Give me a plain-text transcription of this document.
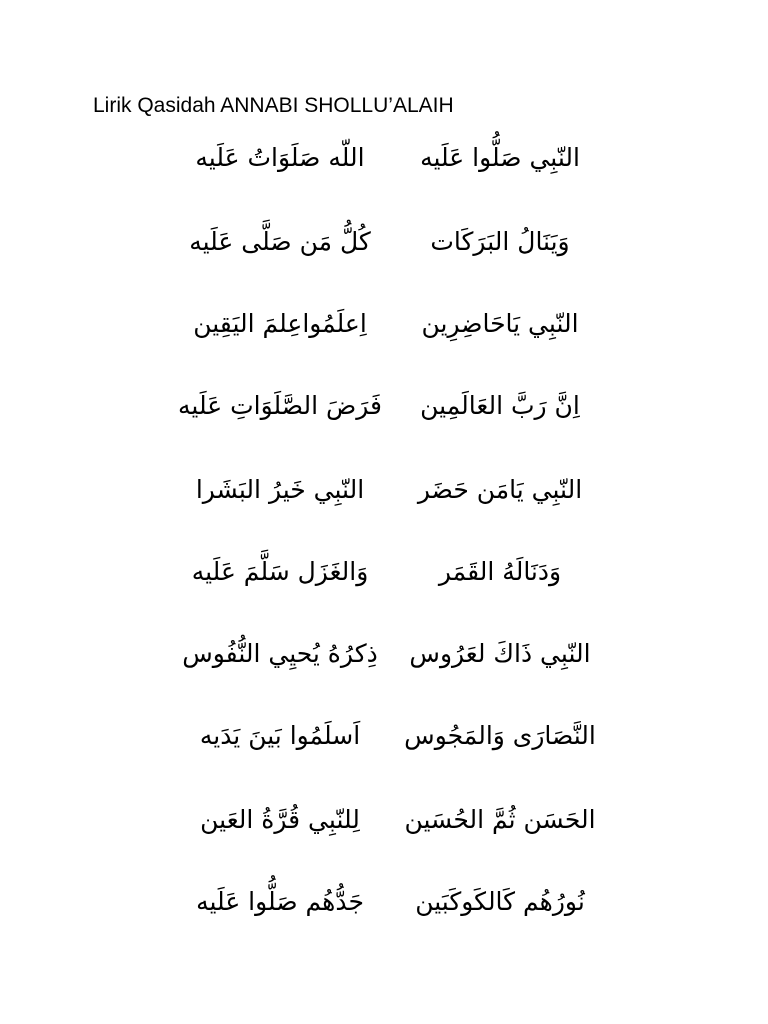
Lirik Qasidah ANNABI SHOLLU’ALAIH
النّبِي صَلُّوا عَلَيه
اللّه صَلَوَاتُ عَلَيه
وَيَنَالُ البَرَكَات
كُلُّ مَن صَلَّى عَلَيه
النّبِي يَاحَاضِرِين
اِعلَمُواعِلمَ اليَقِين
اِنَّ رَبَّ العَالَمِين
فَرَضَ الصَّلَوَاتِ عَلَيه
النّبِي يَامَن حَضَر
النّبِي خَيرُ البَشَرا
وَدَنَالَهُ القَمَر
وَالغَزَل سَلَّمَ عَلَيه
النّبِي ذَاكَ لعَرُوس
ذِكرُهُ يُحيِي النُّفُوس
النَّصَارَى وَالمَجُوس
اَسلَمُوا بَينَ يَدَيه
الحَسَن ثُمَّ الحُسَين
لِلنّبِي قُرَّةُ العَين
نُورُهُم كَالكَوكَبَين
جَدُّهُم صَلُّوا عَلَيه
